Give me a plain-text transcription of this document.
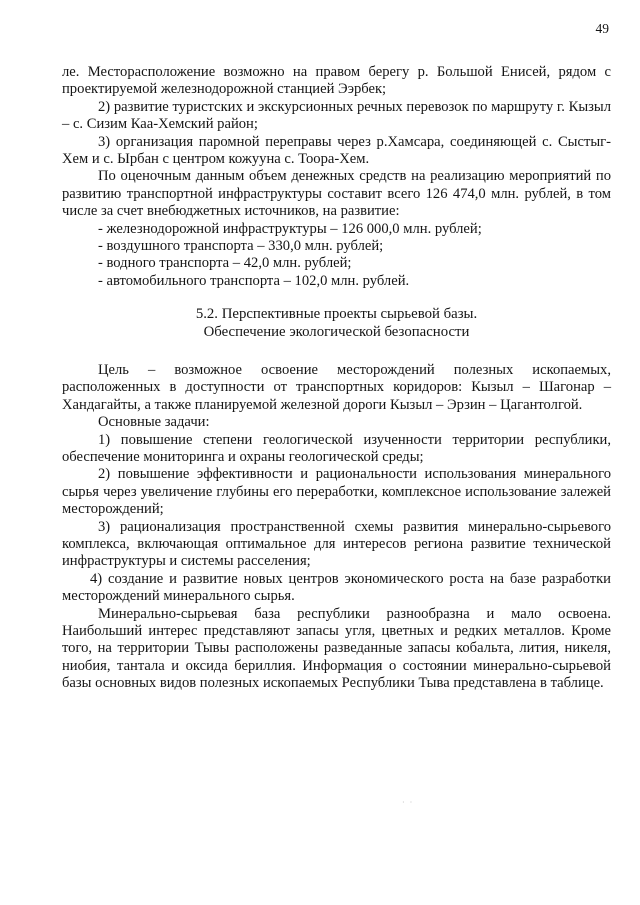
49

ле. Месторасположение возможно на правом берегу р. Большой Енисей, рядом с проектируемой железнодорожной станцией Ээрбек;

2) развитие туристских и экскурсионных речных перевозок по маршруту г. Кызыл – с. Сизим Каа-Хемский район;

3) организация паромной переправы через р.Хамсара, соединяющей с. Сыстыг-Хем и с. Ырбан с центром кожууна с. Тоора-Хем.

По оценочным данным объем денежных средств на реализацию мероприятий по развитию транспортной инфраструктуры составит всего 126 474,0 млн. рублей, в том числе за счет внебюджетных источников, на развитие:

- железнодорожной инфраструктуры – 126 000,0 млн. рублей;

- воздушного транспорта – 330,0 млн. рублей;

- водного транспорта – 42,0 млн. рублей;

- автомобильного транспорта – 102,0 млн. рублей.

5.2. Перспективные проекты сырьевой базы.
Обеспечение экологической безопасности

Цель – возможное освоение месторождений полезных ископаемых, расположенных в доступности от транспортных коридоров: Кызыл – Шагонар – Хандагайты, а также планируемой железной дороги Кызыл – Эрзин – Цагантолгой.

Основные задачи:

1) повышение степени геологической изученности территории республики, обеспечение мониторинга и охраны геологической среды;

2) повышение эффективности и рациональности использования минерального сырья через увеличение глубины его переработки, комплексное использование залежей месторождений;

3) рационализация пространственной схемы развития минерально-сырьевого комплекса, включающая оптимальное для интересов региона развитие технической инфраструктуры и системы расселения;

4) создание и развитие новых центров экономического роста на базе разработки месторождений минерального сырья.

Минерально-сырьевая база республики разнообразна и мало освоена. Наибольший интерес представляют запасы угля, цветных и редких металлов. Кроме того, на территории Тывы расположены разведанные запасы кобальта, лития, никеля, ниобия, тантала и оксида бериллия. Информация о состоянии минерально-сырьевой базы основных видов полезных ископаемых Республики Тыва представлена в таблице.

··
